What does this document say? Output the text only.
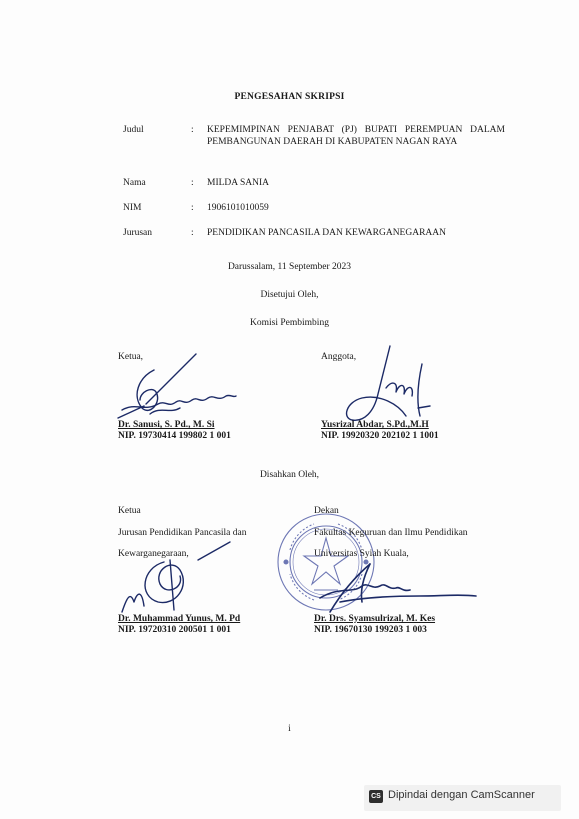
PENGESAHAN SKRIPSI
Judul	: KEPEMIMPINAN PENJABAT (PJ) BUPATI PEREMPUAN DALAM PEMBANGUNAN DAERAH DI KABUPATEN NAGAN RAYA
Nama	: MILDA SANIA
NIM	: 1906101010059
Jurusan	: PENDIDIKAN PANCASILA DAN KEWARGANEGARAAN
Darussalam, 11 September 2023
Disetujui Oleh,
Komisi Pembimbing
Ketua,
Dr. Sanusi, S. Pd., M. Si
NIP. 19730414 199802 1 001
Anggota,
Yusrizal Abdar, S.Pd.,M.H
NIP. 19920320 202102 1 1001
Disahkan Oleh,
Ketua
Jurusan Pendidikan Pancasila dan
Kewarganegaraan,
Dr. Muhammad Yunus, M. Pd
NIP. 19720310 200501 1 001
Dekan
Fakultas Keguruan dan Ilmu Pendidikan
Universitas Syiah Kuala,
Dr. Drs. Syamsulrizal, M. Kes
NIP. 19670130 199203 1 003
i
CS Dipindai dengan CamScanner
